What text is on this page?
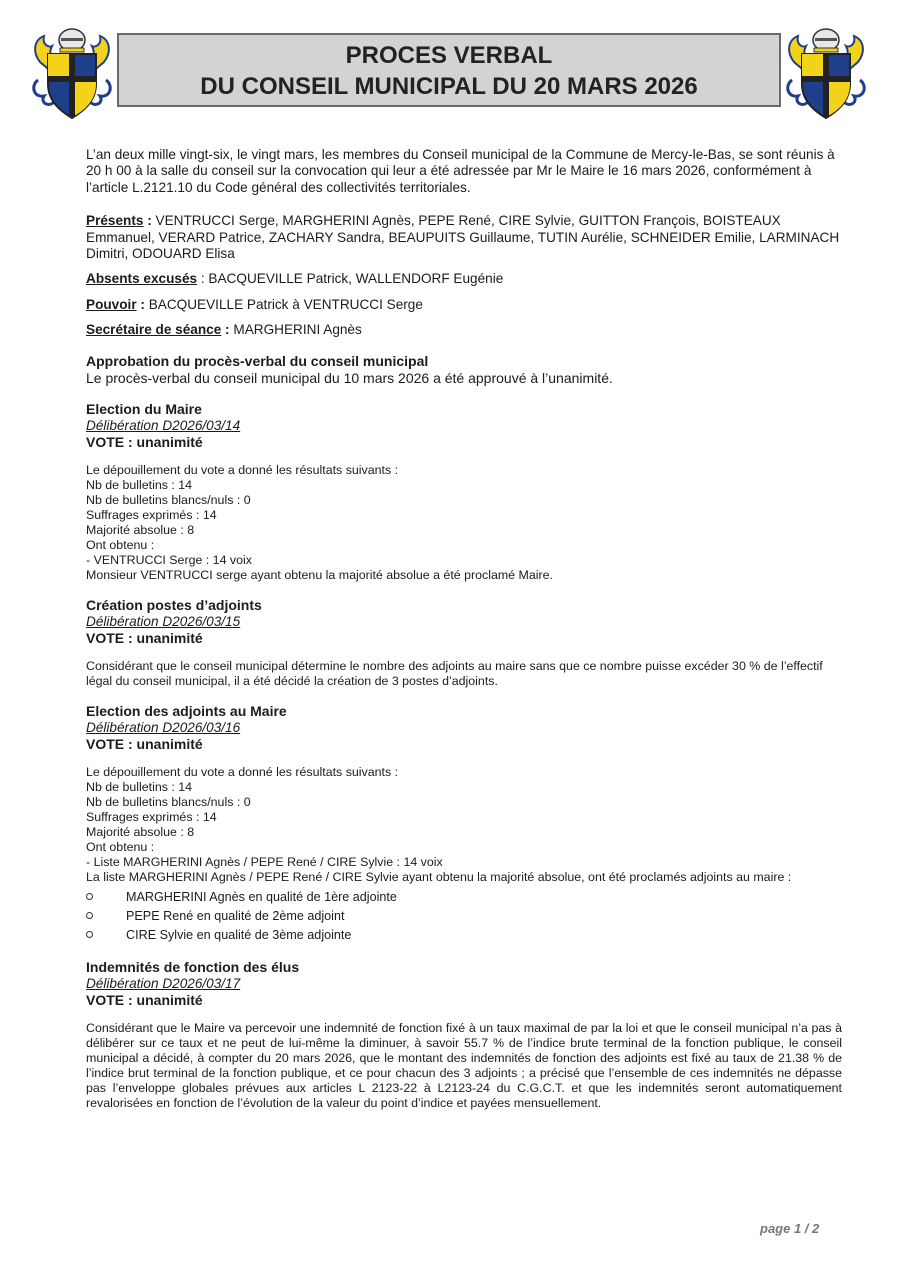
PROCES VERBAL
DU CONSEIL MUNICIPAL DU 20 MARS 2026

L’an deux mille vingt-six, le vingt mars, les membres du Conseil municipal de la Commune de Mercy-le-Bas, se sont réunis à 20 h 00 à la salle du conseil sur la convocation qui leur a été adressée par Mr le Maire le 16 mars 2026, conformément à l’article L.2121.10 du Code général des collectivités territoriales.

Présents : VENTRUCCI Serge, MARGHERINI Agnès, PEPE René, CIRE Sylvie, GUITTON François, BOISTEAUX Emmanuel, VERARD Patrice, ZACHARY Sandra, BEAUPUITS Guillaume, TUTIN Aurélie, SCHNEIDER Emilie, LARMINACH Dimitri, ODOUARD Elisa

Absents excusés : BACQUEVILLE Patrick, WALLENDORF Eugénie

Pouvoir : BACQUEVILLE Patrick à VENTRUCCI Serge

Secrétaire de séance : MARGHERINI Agnès

Approbation du procès-verbal du conseil municipal
Le procès-verbal du conseil municipal du 10 mars 2026 a été approuvé à l’unanimité.
Election du Maire
Délibération D2026/03/14
VOTE : unanimité
Le dépouillement du vote a donné les résultats suivants :
Nb de bulletins : 14
Nb de bulletins blancs/nuls : 0
Suffrages exprimés : 14
Majorité absolue : 8
Ont obtenu :
- VENTRUCCI Serge : 14 voix
Monsieur VENTRUCCI serge ayant obtenu la majorité absolue a été proclamé Maire.
Création postes d’adjoints
Délibération D2026/03/15
VOTE : unanimité
Considérant que le conseil municipal détermine le nombre des adjoints au maire sans que ce nombre puisse excéder 30 % de l’effectif légal du conseil municipal, il a été décidé la création de 3 postes d’adjoints.
Election des adjoints au Maire
Délibération D2026/03/16
VOTE : unanimité
Le dépouillement du vote a donné les résultats suivants :
Nb de bulletins : 14
Nb de bulletins blancs/nuls : 0
Suffrages exprimés : 14
Majorité absolue : 8
Ont obtenu :
- Liste MARGHERINI Agnès / PEPE René / CIRE Sylvie : 14 voix
La liste MARGHERINI Agnès / PEPE René / CIRE Sylvie ayant obtenu la majorité absolue, ont été proclamés adjoints au maire :
MARGHERINI Agnès en qualité de 1ère adjointe
PEPE René en qualité de 2ème adjoint
CIRE Sylvie en qualité de 3ème adjointe
Indemnités de fonction des élus
Délibération D2026/03/17
VOTE : unanimité
Considérant que le Maire va percevoir une indemnité de fonction fixé à un taux maximal de par la loi et que le conseil municipal n’a pas à délibérer sur ce taux et ne peut de lui-même la diminuer, à savoir 55.7 % de l’indice brute terminal de la fonction publique, le conseil municipal a décidé, à compter du 20 mars 2026, que le montant des indemnités de fonction des adjoints est fixé au taux de 21.38 % de l’indice brut terminal de la fonction publique, et ce pour chacun des 3 adjoints ; a précisé que l’ensemble de ces indemnités ne dépasse pas l’enveloppe globales prévues aux articles L 2123-22 à L2123-24 du C.G.C.T. et que les indemnités seront automatiquement revalorisées en fonction de l’évolution de la valeur du point d’indice et payées mensuellement.
page 1 / 2
